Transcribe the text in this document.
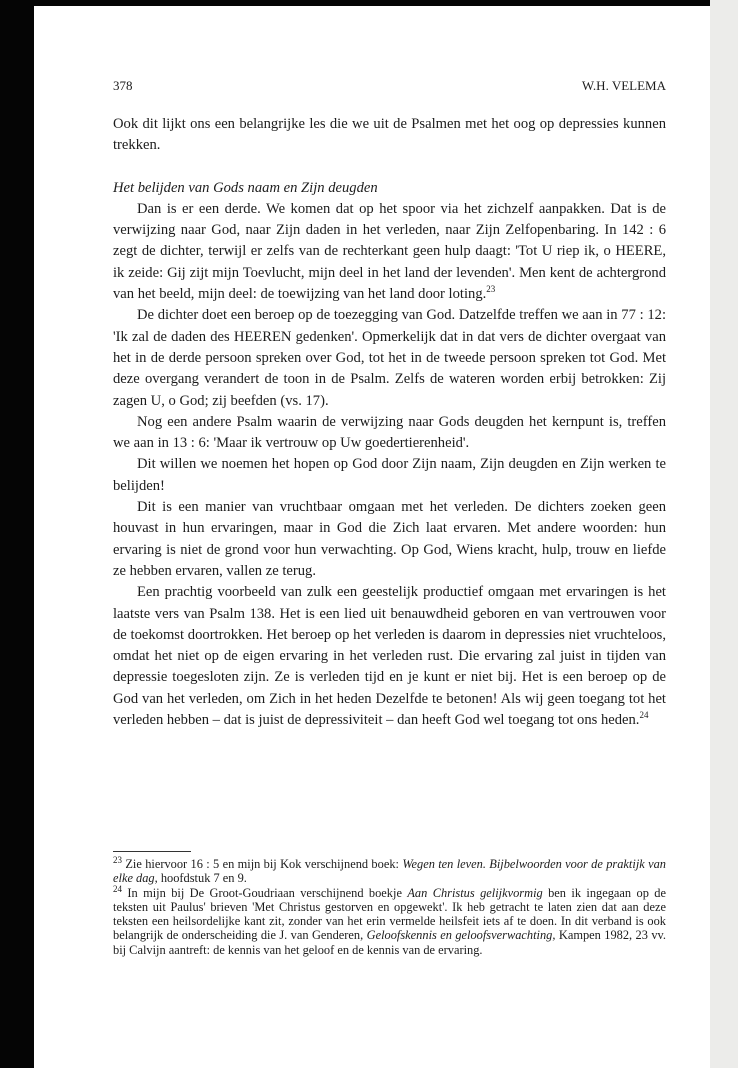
378	W.H. VELEMA

Ook dit lijkt ons een belangrijke les die we uit de Psalmen met het oog op depressies kunnen trekken.

Het belijden van Gods naam en Zijn deugden

Dan is er een derde. We komen dat op het spoor via het zichzelf aanpakken. Dat is de verwijzing naar God, naar Zijn daden in het verleden, naar Zijn Zelfopenbaring. In 142 : 6 zegt de dichter, terwijl er zelfs van de rechterkant geen hulp daagt: 'Tot U riep ik, o HEERE, ik zeide: Gij zijt mijn Toevlucht, mijn deel in het land der levenden'. Men kent de achtergrond van het beeld, mijn deel: de toewijzing van het land door loting.$^{23}$

De dichter doet een beroep op de toezegging van God. Datzelfde treffen we aan in 77 : 12: 'Ik zal de daden des HEEREN gedenken'. Opmerkelijk dat in dat vers de dichter overgaat van het in de derde persoon spreken over God, tot het in de tweede persoon spreken tot God. Met deze overgang verandert de toon in de Psalm. Zelfs de wateren worden erbij betrokken: Zij zagen U, o God; zij beefden (vs. 17).

Nog een andere Psalm waarin de verwijzing naar Gods deugden het kernpunt is, treffen we aan in 13 : 6: 'Maar ik vertrouw op Uw goedertierenheid'.

Dit willen we noemen het hopen op God door Zijn naam, Zijn deugden en Zijn werken te belijden!

Dit is een manier van vruchtbaar omgaan met het verleden. De dichters zoeken geen houvast in hun ervaringen, maar in God die Zich laat ervaren. Met andere woorden: hun ervaring is niet de grond voor hun verwachting. Op God, Wiens kracht, hulp, trouw en liefde ze hebben ervaren, vallen ze terug.

Een prachtig voorbeeld van zulk een geestelijk productief omgaan met ervaringen is het laatste vers van Psalm 138. Het is een lied uit benauwdheid geboren en van vertrouwen voor de toekomst doortrokken. Het beroep op het verleden is daarom in depressies niet vruchteloos, omdat het niet op de eigen ervaring in het verleden rust. Die ervaring zal juist in tijden van depressie toegesloten zijn. Ze is verleden tijd en je kunt er niet bij. Het is een beroep op de God van het verleden, om Zich in het heden Dezelfde te betonen! Als wij geen toegang tot het verleden hebben – dat is juist de depressiviteit – dan heeft God wel toegang tot ons heden.$^{24}$

$^{23}$ Zie hiervoor 16 : 5 en mijn bij Kok verschijnend boek: Wegen ten leven. Bijbelwoorden voor de praktijk van elke dag, hoofdstuk 7 en 9.

$^{24}$ In mijn bij De Groot-Goudriaan verschijnend boekje Aan Christus gelijkvormig ben ik ingegaan op de teksten uit Paulus' brieven 'Met Christus gestorven en opgewekt'. Ik heb getracht te laten zien dat aan deze teksten een heilsordelijke kant zit, zonder van het erin vermelde heilsfeit iets af te doen. In dit verband is ook belangrijk de onderscheiding die J. van Genderen, Geloofskennis en geloofsverwachting, Kampen 1982, 23 vv. bij Calvijn aantreft: de kennis van het geloof en de kennis van de ervaring.
